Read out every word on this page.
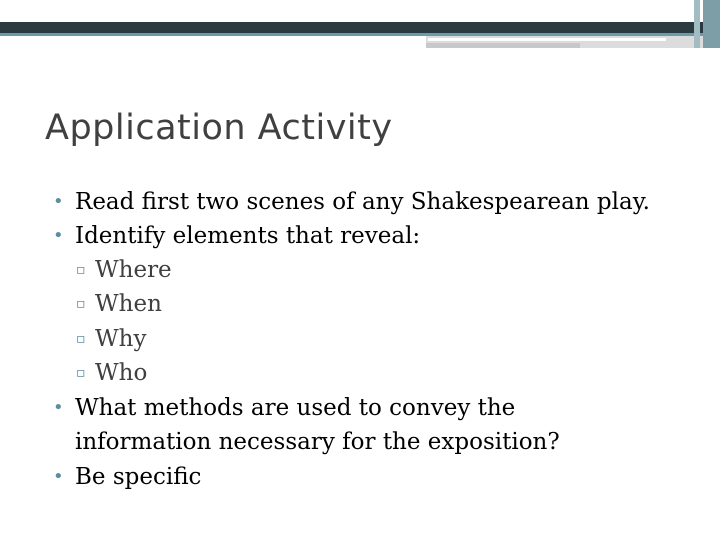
Application Activity
• Read first two scenes of any Shakespearean play.
• Identify elements that reveal:
▫ Where
▫ When
▫ Why
▫ Who
• What methods are used to convey the
information necessary for the exposition?
• Be specific
